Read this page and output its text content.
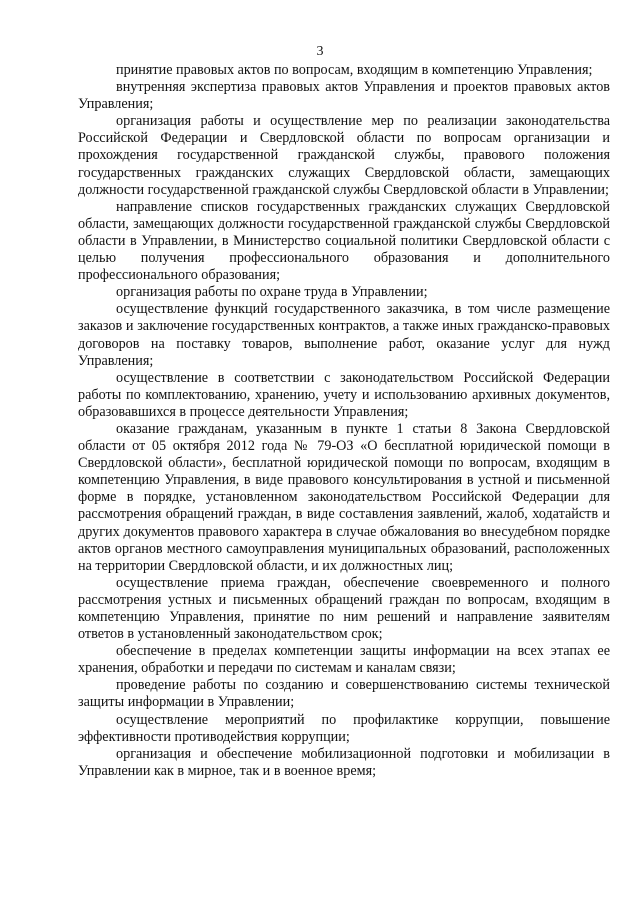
3

принятие правовых актов по вопросам, входящим в компетенцию Управления;

внутренняя экспертиза правовых актов Управления и проектов правовых актов Управления;

организация работы и осуществление мер по реализации законодательства Российской Федерации и Свердловской области по вопросам организации и прохождения государственной гражданской службы, правового положения государственных гражданских служащих Свердловской области, замещающих должности государственной гражданской службы Свердловской области в Управлении;

направление списков государственных гражданских служащих Свердловской области, замещающих должности государственной гражданской службы Свердловской области в Управлении, в Министерство социальной политики Свердловской области с целью получения профессионального образования и дополнительного профессионального образования;

организация работы по охране труда в Управлении;

осуществление функций государственного заказчика, в том числе размещение заказов и заключение государственных контрактов, а также иных гражданско-правовых договоров на поставку товаров, выполнение работ, оказание услуг для нужд Управления;

осуществление в соответствии с законодательством Российской Федерации работы по комплектованию, хранению, учету и использованию архивных документов, образовавшихся в процессе деятельности Управления;

оказание гражданам, указанным в пункте 1 статьи 8 Закона Свердловской области от 05 октября 2012 года № 79-ОЗ «О бесплатной юридической помощи в Свердловской области», бесплатной юридической помощи по вопросам, входящим в компетенцию Управления, в виде правового консультирования в устной и письменной форме в порядке, установленном законодательством Российской Федерации для рассмотрения обращений граждан, в виде составления заявлений, жалоб, ходатайств и других документов правового характера в случае обжалования во внесудебном порядке актов органов местного самоуправления муниципальных образований, расположенных на территории Свердловской области, и их должностных лиц;

осуществление приема граждан, обеспечение своевременного и полного рассмотрения устных и письменных обращений граждан по вопросам, входящим в компетенцию Управления, принятие по ним решений и направление заявителям ответов в установленный законодательством срок;

обеспечение в пределах компетенции защиты информации на всех этапах ее хранения, обработки и передачи по системам и каналам связи;

проведение работы по созданию и совершенствованию системы технической защиты информации в Управлении;

осуществление мероприятий по профилактике коррупции, повышение эффективности противодействия коррупции;

организация и обеспечение мобилизационной подготовки и мобилизации в Управлении как в мирное, так и в военное время;
